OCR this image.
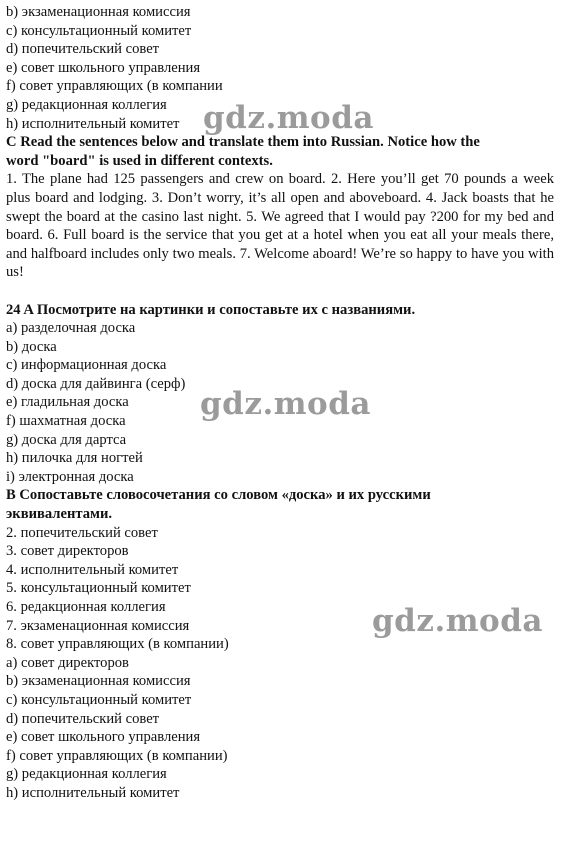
b) экзаменационная комиссия

c) консультационный комитет

d) попечительский совет

e) совет школьного управления

f) совет управляющих (в компании

g) редакционная коллегия

h) исполнительный комитет

C Read the sentences below and translate them into Russian. Notice how the

word "board" is used in different contexts.

1. The plane had 125 passengers and crew on board. 2. Here you’ll get 70 pounds a week plus board and lodging. 3. Don’t worry, it’s all open and aboveboard. 4. Jack boasts that he swept the board at the casino last night. 5. We agreed that I would pay ?200 for my bed and board. 6. Full board is the service that you get at a hotel when you eat all your meals there, and halfboard includes only two meals. 7. Welcome aboard! We’re so happy to have you with us!

24 A Посмотрите на картинки и сопоставьте их с названиями.

a) разделочная доска

b) доска

c) информационная доска

d) доска для дайвинга (серф)

e) гладильная доска

f) шахматная доска

g) доска для дартса

h) пилочка для ногтей

i) электронная доска

B Сопоставьте словосочетания со словом «доска» и их русскими

эквивалентами.

2. попечительский совет

3. совет директоров

4. исполнительный комитет

5. консультационный комитет

6. редакционная коллегия

7. экзаменационная комиссия

8. совет управляющих (в компании)

a) совет директоров

b) экзаменационная комиссия

c) консультационный комитет

d) попечительский совет

e) совет школьного управления

f) совет управляющих (в компании)

g) редакционная коллегия

h) исполнительный комитет

gdz.moda
gdz.moda
gdz.moda
